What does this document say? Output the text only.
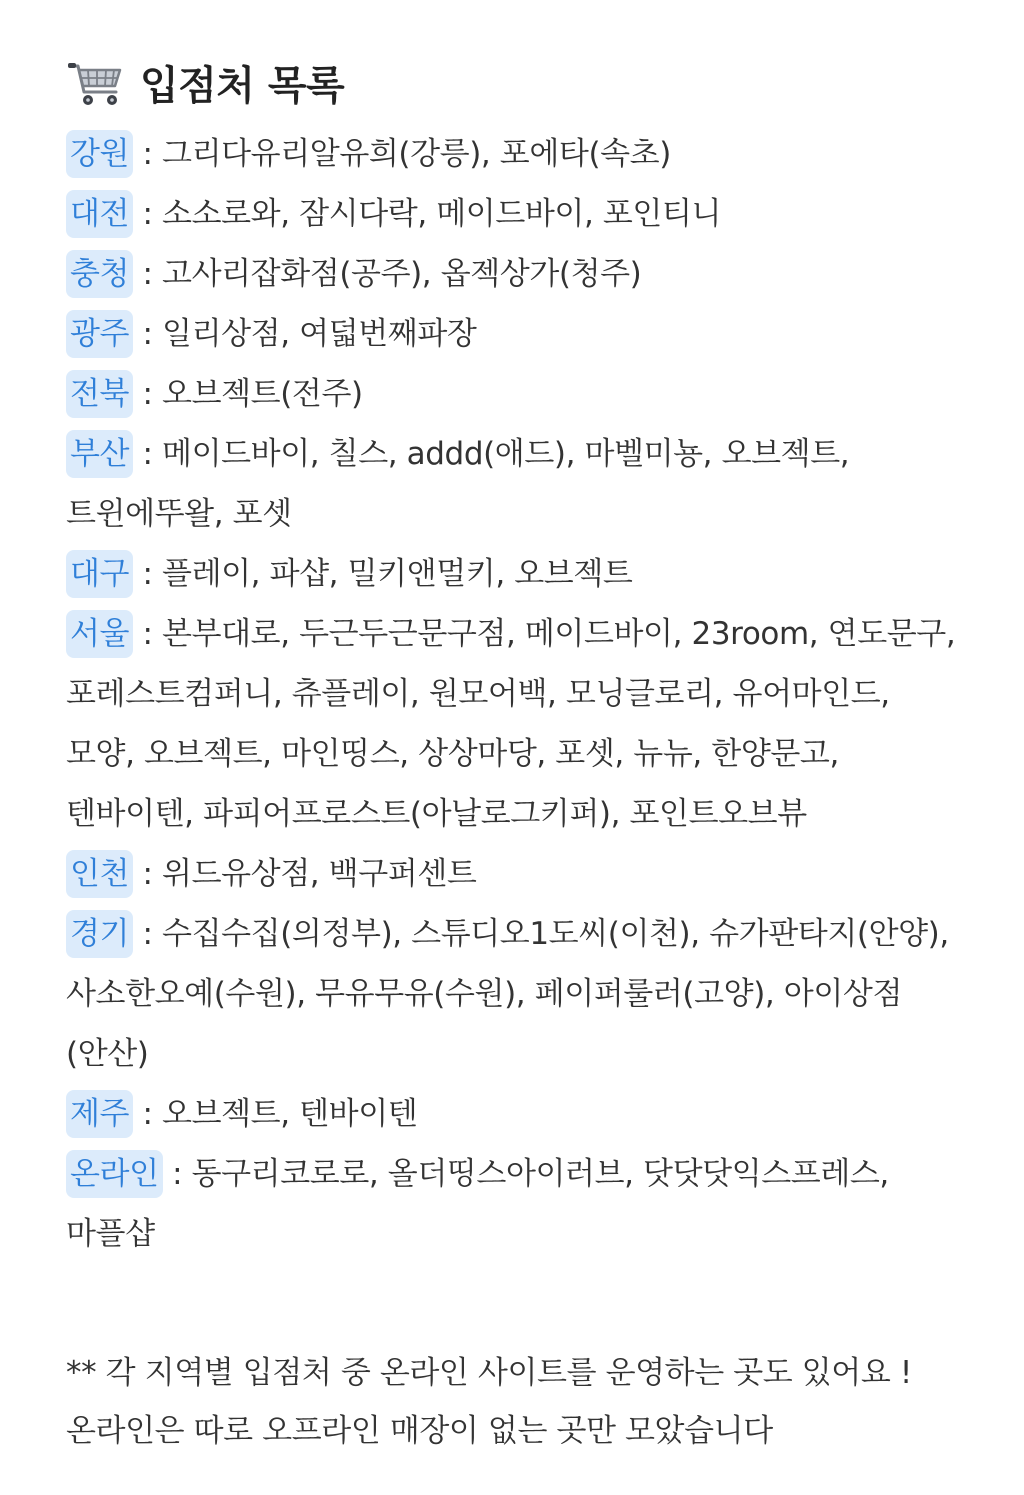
입점처 목록
강원 : 그리다유리알유희(강릉), 포에타(속초)
대전 : 소소로와, 잠시다락, 메이드바이, 포인티니
충청 : 고사리잡화점(공주), 옵젝상가(청주)
광주 : 일리상점, 여덟번째파장
전북 : 오브젝트(전주)
부산 : 메이드바이, 칠스, addd(애드), 마벨미뇽, 오브젝트, 트윈에뚜왈, 포셋
대구 : 플레이, 파샵, 밀키앤멀키, 오브젝트
서울 : 본부대로, 두근두근문구점, 메이드바이, 23room, 연도문구, 포레스트컴퍼니, 츄플레이, 원모어백, 모닝글로리, 유어마인드, 모양, 오브젝트, 마인띵스, 상상마당, 포셋, 뉴뉴, 한양문고, 텐바이텐, 파피어프로스트(아날로그키퍼), 포인트오브뷰
인천 : 위드유상점, 백구퍼센트
경기 : 수집수집(의정부), 스튜디오1도씨(이천), 슈가판타지(안양), 사소한오예(수원), 무유무유(수원), 페이퍼룰러(고양), 아이상점(안산)
제주 : 오브젝트, 텐바이텐
온라인 : 동구리코로로, 올더띵스아이러브, 닷닷닷익스프레스, 마플샵
** 각 지역별 입점처 중 온라인 사이트를 운영하는 곳도 있어요 ! 온라인은 따로 오프라인 매장이 없는 곳만 모았습니다
